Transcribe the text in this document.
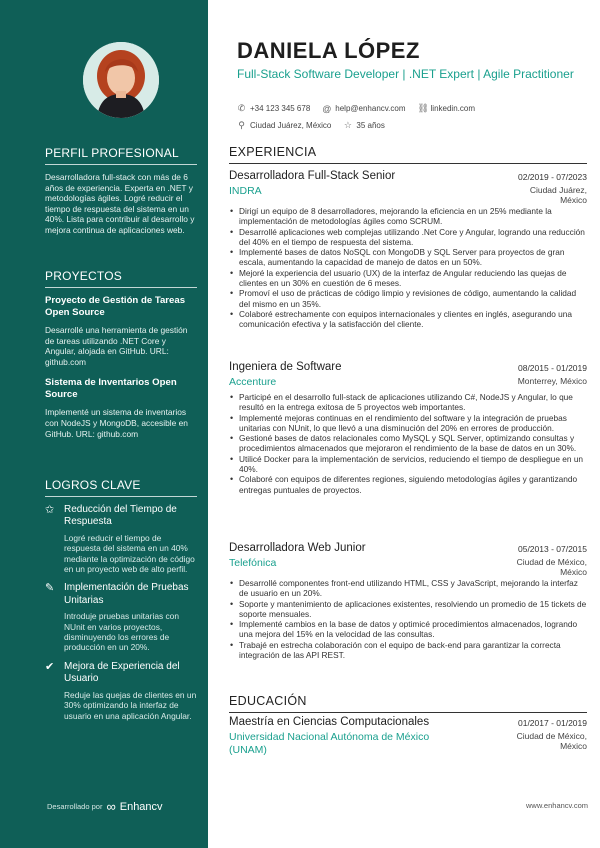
PERFIL PROFESIONAL
Desarrolladora full-stack con más de 6 años de experiencia. Experta en .NET y metodologías ágiles. Logré reducir el tiempo de respuesta del sistema en un 40%. Lista para contribuir al desarrollo y mejora continua de aplicaciones web.
PROYECTOS
Proyecto de Gestión de Tareas Open Source
Desarrollé una herramienta de gestión de tareas utilizando .NET Core y Angular, alojada en GitHub. URL: github.com
Sistema de Inventarios Open Source
Implementé un sistema de inventarios con NodeJS y MongoDB, accesible en GitHub. URL: github.com
LOGROS CLAVE
✩ Reducción del Tiempo de Respuesta
Logré reducir el tiempo de respuesta del sistema en un 40% mediante la optimización de código en un proyecto web de alto perfil.
✎ Implementación de Pruebas Unitarias
Introduje pruebas unitarias con NUnit en varios proyectos, disminuyendo los errores de producción en un 20%.
✔ Mejora de Experiencia del Usuario
Reduje las quejas de clientes en un 30% optimizando la interfaz de usuario en una aplicación Angular.
Desarrollado por ∞ Enhancv
DANIELA LÓPEZ
Full-Stack Software Developer | .NET Expert | Agile Practitioner
✆ +34 123 345 678 @ help@enhancv.com ⛓ linkedin.com
⚲ Ciudad Juárez, México ☆ 35 años
EXPERIENCIA
Desarrolladora Full-Stack Senior	02/2019 - 07/2023
INDRA	Ciudad Juárez,
México
• Dirigí un equipo de 8 desarrolladores, mejorando la eficiencia en un 25% mediante la implementación de metodologías ágiles como SCRUM.
• Desarrollé aplicaciones web complejas utilizando .Net Core y Angular, logrando una reducción del 40% en el tiempo de respuesta del sistema.
• Implementé bases de datos NoSQL con MongoDB y SQL Server para proyectos de gran escala, aumentando la capacidad de manejo de datos en un 50%.
• Mejoré la experiencia del usuario (UX) de la interfaz de Angular reduciendo las quejas de clientes en un 30% en cuestión de 6 meses.
• Promoví el uso de prácticas de código limpio y revisiones de código, aumentando la calidad del mismo en un 35%.
• Colaboré estrechamente con equipos internacionales y clientes en inglés, asegurando una comunicación efectiva y la satisfacción del cliente.
Ingeniera de Software	08/2015 - 01/2019
Accenture	Monterrey, México
• Participé en el desarrollo full-stack de aplicaciones utilizando C#, NodeJS y Angular, lo que resultó en la entrega exitosa de 5 proyectos web importantes.
• Implementé mejoras continuas en el rendimiento del software y la integración de pruebas unitarias con NUnit, lo que llevó a una disminución del 20% en errores de producción.
• Gestioné bases de datos relacionales como MySQL y SQL Server, optimizando consultas y procedimientos almacenados que mejoraron el rendimiento de la base de datos en un 30%.
• Utilicé Docker para la implementación de servicios, reduciendo el tiempo de despliegue en un 40%.
• Colaboré con equipos de diferentes regiones, siguiendo metodologías ágiles y garantizando entregas puntuales de proyectos.
Desarrolladora Web Junior	05/2013 - 07/2015
Telefónica	Ciudad de México,
México
• Desarrollé componentes front-end utilizando HTML, CSS y JavaScript, mejorando la interfaz de usuario en un 20%.
• Soporte y mantenimiento de aplicaciones existentes, resolviendo un promedio de 15 tickets de soporte mensuales.
• Implementé cambios en la base de datos y optimicé procedimientos almacenados, logrando una mejora del 15% en la velocidad de las consultas.
• Trabajé en estrecha colaboración con el equipo de back-end para garantizar la correcta integración de las API REST.
EDUCACIÓN
Maestría en Ciencias Computacionales	01/2017 - 01/2019
Universidad Nacional Autónoma de México (UNAM)
Ciudad de México,
México
www.enhancv.com
